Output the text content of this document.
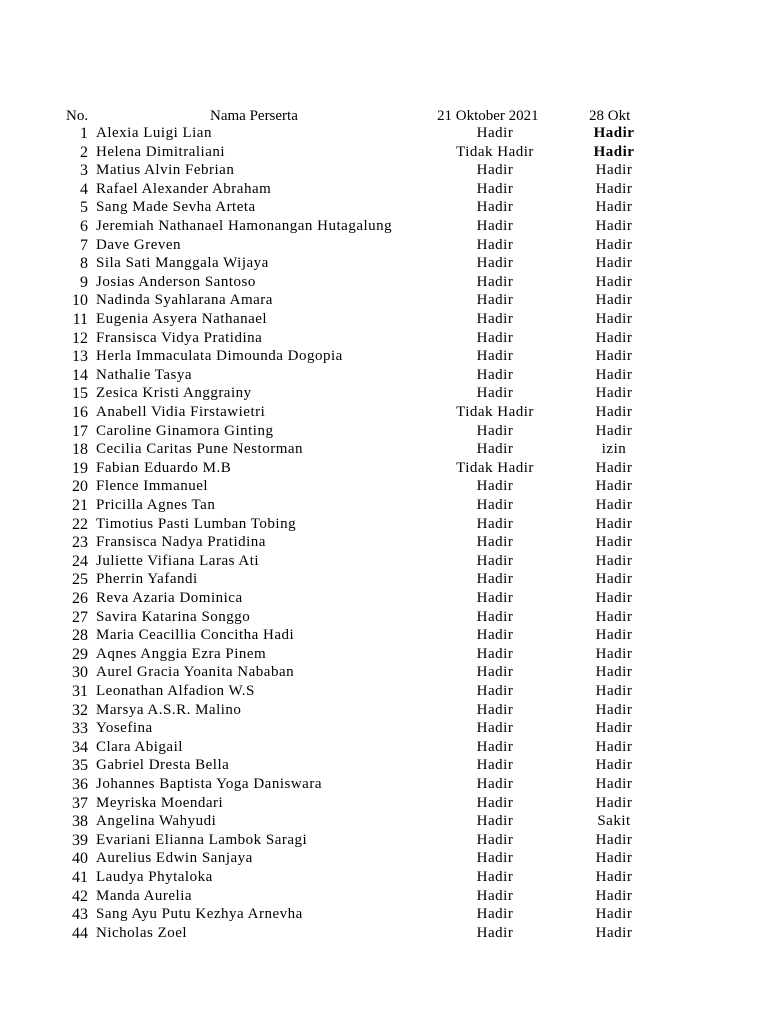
No.	Nama Perserta	21 Oktober 2021	28 Okt
1 Alexia Luigi Lian	Hadir	Hadir
2 Helena Dimitraliani	Tidak Hadir	Hadir
3 Matius Alvin Febrian	Hadir	Hadir
4 Rafael Alexander Abraham	Hadir	Hadir
5 Sang Made Sevha Arteta	Hadir	Hadir
6 Jeremiah Nathanael Hamonangan Hutagalung	Hadir	Hadir
7 Dave Greven	Hadir	Hadir
8 Sila Sati Manggala Wijaya	Hadir	Hadir
9 Josias Anderson Santoso	Hadir	Hadir
10 Nadinda Syahlarana Amara	Hadir	Hadir
11 Eugenia Asyera Nathanael	Hadir	Hadir
12 Fransisca Vidya Pratidina	Hadir	Hadir
13 Herla Immaculata Dimounda Dogopia	Hadir	Hadir
14 Nathalie Tasya	Hadir	Hadir
15 Zesica Kristi Anggrainy	Hadir	Hadir
16 Anabell Vidia Firstawietri	Tidak Hadir	Hadir
17 Caroline Ginamora Ginting	Hadir	Hadir
18 Cecilia Caritas Pune Nestorman	Hadir	izin
19 Fabian Eduardo M.B	Tidak Hadir	Hadir
20 Flence Immanuel	Hadir	Hadir
21 Pricilla Agnes Tan	Hadir	Hadir
22 Timotius Pasti Lumban Tobing	Hadir	Hadir
23 Fransisca Nadya Pratidina	Hadir	Hadir
24 Juliette Vifiana Laras Ati	Hadir	Hadir
25 Pherrin Yafandi	Hadir	Hadir
26 Reva Azaria Dominica	Hadir	Hadir
27 Savira Katarina Songgo	Hadir	Hadir
28 Maria Ceacillia Concitha Hadi	Hadir	Hadir
29 Aqnes Anggia Ezra Pinem	Hadir	Hadir
30 Aurel Gracia Yoanita Nababan	Hadir	Hadir
31 Leonathan Alfadion W.S	Hadir	Hadir
32 Marsya A.S.R. Malino	Hadir	Hadir
33 Yosefina	Hadir	Hadir
34 Clara Abigail	Hadir	Hadir
35 Gabriel Dresta Bella	Hadir	Hadir
36 Johannes Baptista Yoga Daniswara	Hadir	Hadir
37 Meyriska Moendari	Hadir	Hadir
38 Angelina Wahyudi	Hadir	Sakit
39 Evariani Elianna Lambok Saragi	Hadir	Hadir
40 Aurelius Edwin Sanjaya	Hadir	Hadir
41 Laudya Phytaloka	Hadir	Hadir
42 Manda Aurelia	Hadir	Hadir
43 Sang Ayu Putu Kezhya Arnevha	Hadir	Hadir
44 Nicholas Zoel	Hadir	Hadir
